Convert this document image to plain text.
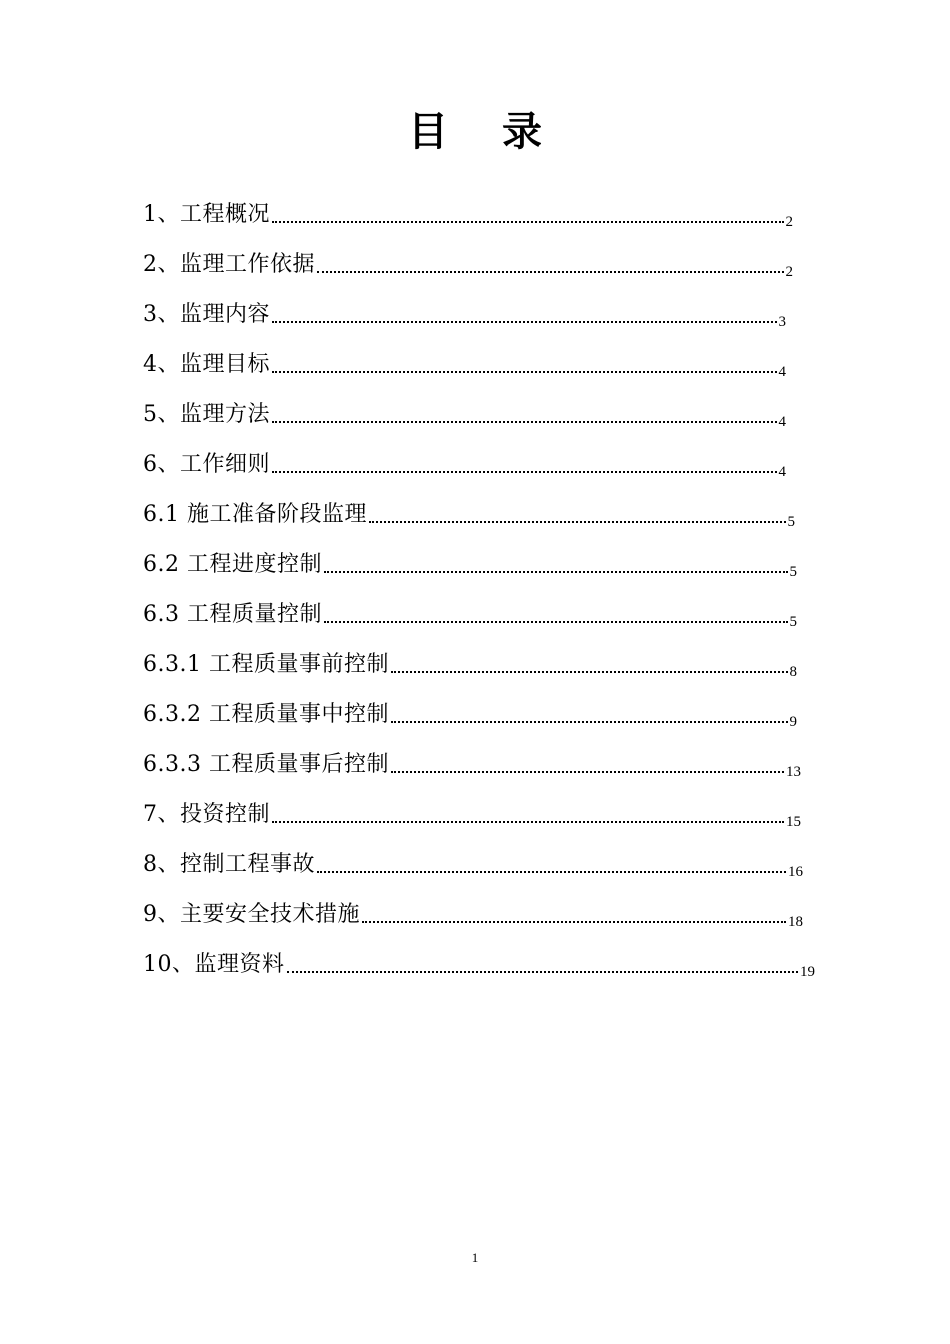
目 录
1、工程概况	2
2、监理工作依据	2
3、监理内容	3
4、监理目标	4
5、监理方法	4
6、工作细则	4
6.1 施工准备阶段监理	5
6.2 工程进度控制	5
6.3 工程质量控制	5
6.3.1 工程质量事前控制	8
6.3.2 工程质量事中控制	9
6.3.3 工程质量事后控制	13
7、投资控制	15
8、控制工程事故	16
9、主要安全技术措施	18
10、监理资料	19
1
